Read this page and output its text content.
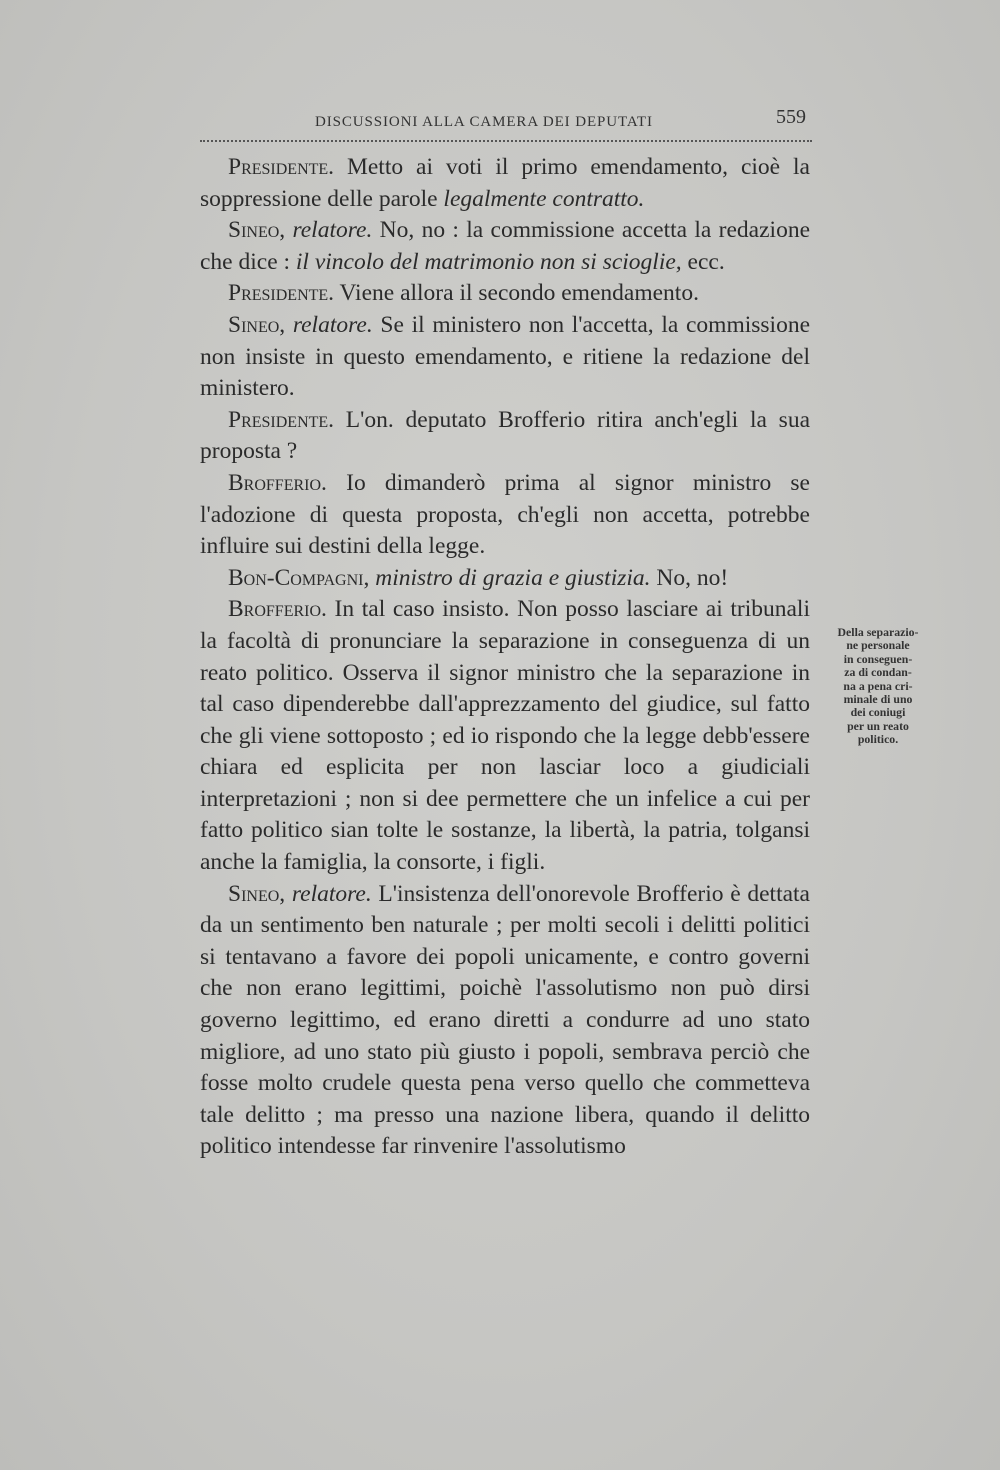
DISCUSSIONI ALLA CAMERA DEI DEPUTATI	559

Presidente. Metto ai voti il primo emendamento, cioè la soppressione delle parole legalmente contratto.

Sineo, relatore. No, no : la commissione accetta la redazione che dice : il vincolo del matrimonio non si scioglie, ecc.

Presidente. Viene allora il secondo emendamento.

Sineo, relatore. Se il ministero non l'accetta, la commissione non insiste in questo emendamento, e ritiene la redazione del ministero.

Presidente. L'on. deputato Brofferio ritira anch'egli la sua proposta ?

Brofferio. Io dimanderò prima al signor ministro se l'adozione di questa proposta, ch'egli non accetta, potrebbe influire sui destini della legge.

Bon-Compagni, ministro di grazia e giustizia. No, no!

Brofferio. In tal caso insisto. Non posso lasciare ai tribunali la facoltà di pronunciare la separazione in conseguenza di un reato politico. Osserva il signor ministro che la separazione in tal caso dipenderebbe dall'apprezzamento del giudice, sul fatto che gli viene sottoposto ; ed io rispondo che la legge debb'essere chiara ed esplicita per non lasciar loco a giudiciali interpretazioni ; non si dee permettere che un infelice a cui per fatto politico sian tolte le sostanze, la libertà, la patria, tolgansi anche la famiglia, la consorte, i figli.

Sineo, relatore. L'insistenza dell'onorevole Brofferio è dettata da un sentimento ben naturale ; per molti secoli i delitti politici si tentavano a favore dei popoli unicamente, e contro governi che non erano legittimi, poichè l'assolutismo non può dirsi governo legittimo, ed erano diretti a condurre ad uno stato migliore, ad uno stato più giusto i popoli, sembrava perciò che fosse molto crudele questa pena verso quello che commetteva tale delitto ; ma presso una nazione libera, quando il delitto politico intendesse far rinvenire l'assolutismo

Della separazio-
ne personale
in conseguen-
za di condan-
na a pena cri-
minale di uno
dei coniugi
per un reato
politico.
